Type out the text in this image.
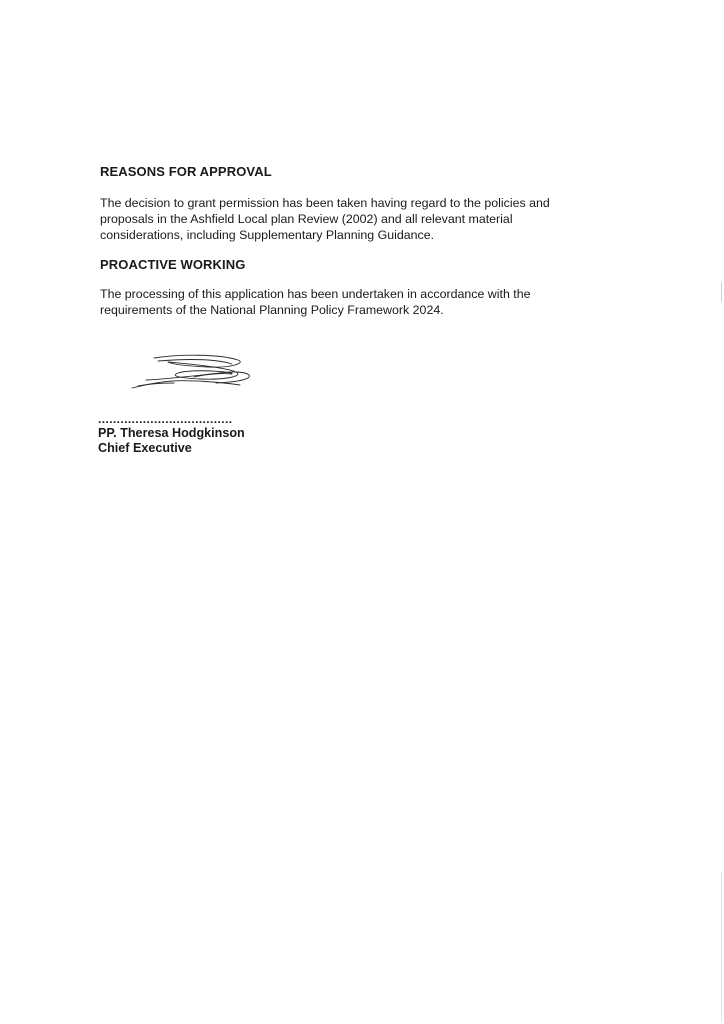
REASONS FOR APPROVAL

The decision to grant permission has been taken having regard to the policies and
proposals in the Ashfield Local plan Review (2002) and all relevant material
considerations, including Supplementary Planning Guidance.

PROACTIVE WORKING

The processing of this application has been undertaken in accordance with the
requirements of the National Planning Policy Framework 2024.

....................................
PP. Theresa Hodgkinson
Chief Executive
